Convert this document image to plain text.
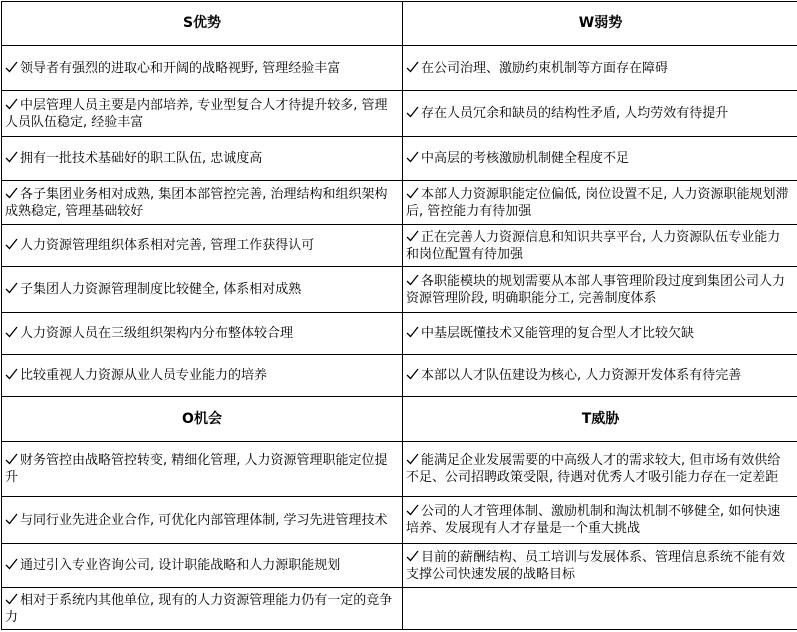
S优势	W弱势

领导者有强烈的进取心和开阔的战略视野, 管理经验丰富	在公司治理、激励约束机制等方面存在障碍

中层管理人员主要是内部培养, 专业型复合人才待提升较多, 管理人员队伍稳定, 经验丰富	存在人员冗余和缺员的结构性矛盾, 人均劳效有待提升

拥有一批技术基础好的职工队伍, 忠诚度高	中高层的考核激励机制健全程度不足

各子集团业务相对成熟, 集团本部管控完善, 治理结构和组织架构成熟稳定, 管理基础较好	本部人力资源职能定位偏低, 岗位设置不足, 人力资源职能规划滞后, 管控能力有待加强

人力资源管理组织体系相对完善, 管理工作获得认可	正在完善人力资源信息和知识共享平台, 人力资源队伍专业能力和岗位配置有待加强

子集团人力资源管理制度比较健全, 体系相对成熟	各职能模块的规划需要从本部人事管理阶段过度到集团公司人力资源管理阶段, 明确职能分工, 完善制度体系

人力资源人员在三级组织架构内分布整体较合理	中基层既懂技术又能管理的复合型人才比较欠缺

比较重视人力资源从业人员专业能力的培养	本部以人才队伍建设为核心, 人力资源开发体系有待完善
O机会	T威胁

财务管控由战略管控转变, 精细化管理, 人力资源管理职能定位提升	能满足企业发展需要的中高级人才的需求较大, 但市场有效供给不足、公司招聘政策受限, 待遇对优秀人才吸引能力存在一定差距

与同行业先进企业合作, 可优化内部管理体制, 学习先进管理技术	公司的人才管理体制、激励机制和淘汰机制不够健全, 如何快速培养、发展现有人才存量是一个重大挑战

通过引入专业咨询公司, 设计职能战略和人力源职能规划	目前的薪酬结构、员工培训与发展体系、管理信息系统不能有效支撑公司快速发展的战略目标

相对于系统内其他单位, 现有的人力资源管理能力仍有一定的竞争力	
